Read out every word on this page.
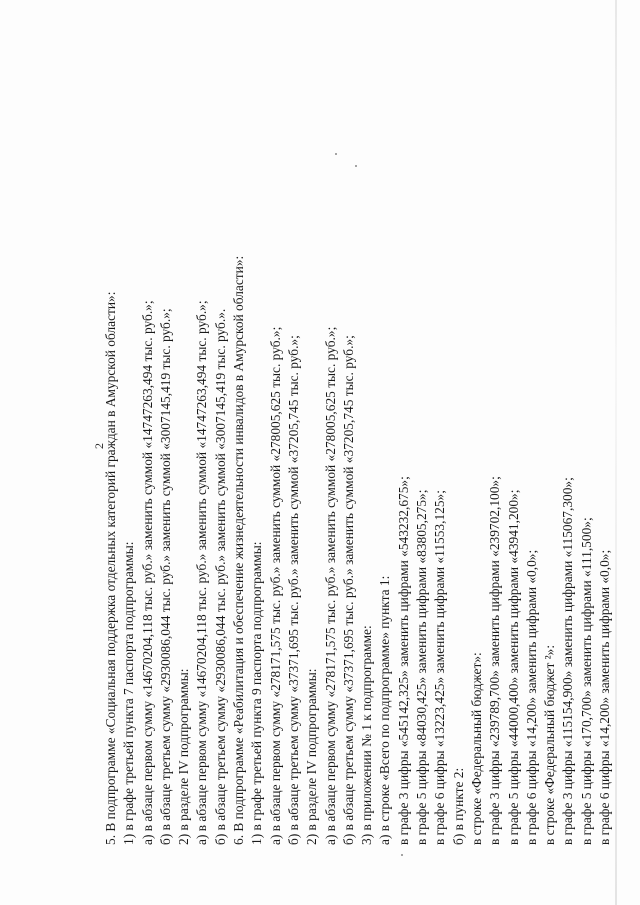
2
5. В подпрограмме «Социальная поддержка отдельных категорий граждан в Амурской области»: 1) в графе третьей пункта 7 паспорта подпрограммы: а) в абзаце первом сумму «14670204,118 тыс. руб.» заменить суммой «14747263,494 тыс. руб.»; б) в абзаце третьем сумму «2930086,044 тыс. руб.» заменить суммой «3007145,419 тыс. руб.»; 2) в разделе IV подпрограммы: а) в абзаце первом сумму «14670204,118 тыс. руб.» заменить суммой «14747263,494 тыс. руб.»; б) в абзаце третьем сумму «2930086,044 тыс. руб.» заменить суммой «3007145,419 тыс. руб.». 6. В подпрограмме «Реабилитация и обеспечение жизнедеятельности инвалидов в Амурской области»: 1) в графе третьей пункта 9 паспорта подпрограммы: а) в абзаце первом сумму «278171,575 тыс. руб.» заменить суммой «278005,625 тыс. руб.»; б) в абзаце третьем сумму «37371,695 тыс. руб.» заменить суммой «37205,745 тыс. руб.»; 2) в разделе IV подпрограммы: а) в абзаце первом сумму «278171,575 тыс. руб.» заменить суммой «278005,625 тыс. руб.»; б) в абзаце третьем сумму «37371,695 тыс. руб.» заменить суммой «37205,745 тыс. руб.»; 3) в приложении № 1 к подпрограмме: а) в строке «Всего по подпрограмме» пункта 1: в графе 3 цифры «545142,325» заменить цифрами «543232,675»; в графе 5 цифры «84030,425» заменить цифрами «83805,275»; в графе 6 цифры «13223,425» заменить цифрами «11553,125»; б) в пункте 2: в строке «Федеральный бюджет»: в графе 3 цифры «239789,700» заменить цифрами «239702,100»; в графе 5 цифры «44000,400» заменить цифрами «43941,200»; в графе 6 цифры «14,200» заменить цифрами «0,0»; в строке «Федеральный бюджет ²»: в графе 3 цифры «115154,900» заменить цифрами «115067,300»; в графе 5 цифры «170,700» заменить цифрами «111,500»; в графе 6 цифры «14,200» заменить цифрами «0,0»;
